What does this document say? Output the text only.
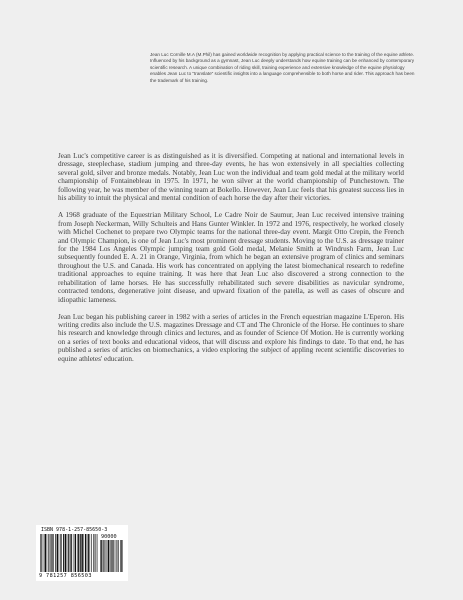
Jean Luc Cornille M.A (M.Phil) has gained worldwide recognition by applying practical science to the training of the equine athlete. Influenced by his background as a gymnast, Jean Luc deeply understands how equine training can be enhanced by contemporary scientific research. A unique combination of riding skill, training experience and extensive knowledge of the equine physiology enables Jean Luc to "translate" scientific insights into a language comprehensible to both horse and rider. This approach has been the trademark of his training.

Jean Luc's competitive career is as distinguished as it is diversified. Competing at national and international levels in dressage, steeplechase, stadium jumping and three-day events, he has won extensively in all specialties collecting several gold, silver and bronze medals. Notably, Jean Luc won the individual and team gold medal at the military world championship of Fontainebleau in 1975. In 1971, he won silver at the world championship of Punchestown. The following year, he was member of the winning team at Bokello. However, Jean Luc feels that his greatest success lies in his ability to intuit the physical and mental condition of each horse the day after their victories.

A 1968 graduate of the Equestrian Military School, Le Cadre Noir de Saumur, Jean Luc received intensive training from Joseph Neckerman, Willy Schulteis and Hans Gunter Winkler. In 1972 and 1976, respectively, he worked closely with Michel Cochenet to prepare two Olympic teams for the national three-day event. Margit Otto Crepin, the French and Olympic Champion, is one of Jean Luc's most prominent dressage students. Moving to the U.S. as dressage trainer for the 1984 Los Angeles Olympic jumping team gold Gold medal, Melanie Smith at Windrush Farm, Jean Luc subsequently founded E. A. 21 in Orange, Virginia, from which he began an extensive program of clinics and seminars throughout the U.S. and Canada. His work has concentrated on applying the latest biomechanical research to redefine traditional approaches to equine training. It was here that Jean Luc also discovered a strong connection to the rehabilitation of lame horses. He has successfully rehabilitated such severe disabilities as navicular syndrome, contracted tendons, degenerative joint disease, and upward fixation of the patella, as well as cases of obscure and idiopathic lameness.

Jean Luc began his publishing career in 1982 with a series of articles in the French equestrian magazine L'Eperon. His writing credits also include the U.S. magazines Dressage and CT and The Chronicle of the Horse. He continues to share his research and knowledge through clinics and lectures, and as founder of Science Of Motion. He is currently working on a series of text books and educational videos, that will discuss and explore his findings to date. To that end, he has published a series of articles on biomechanics, a video exploring the subject of appling recent scientific discoveries to equine athletes' education.

ISBN 978-1-257-85650-3
90000
9 781257 856503
